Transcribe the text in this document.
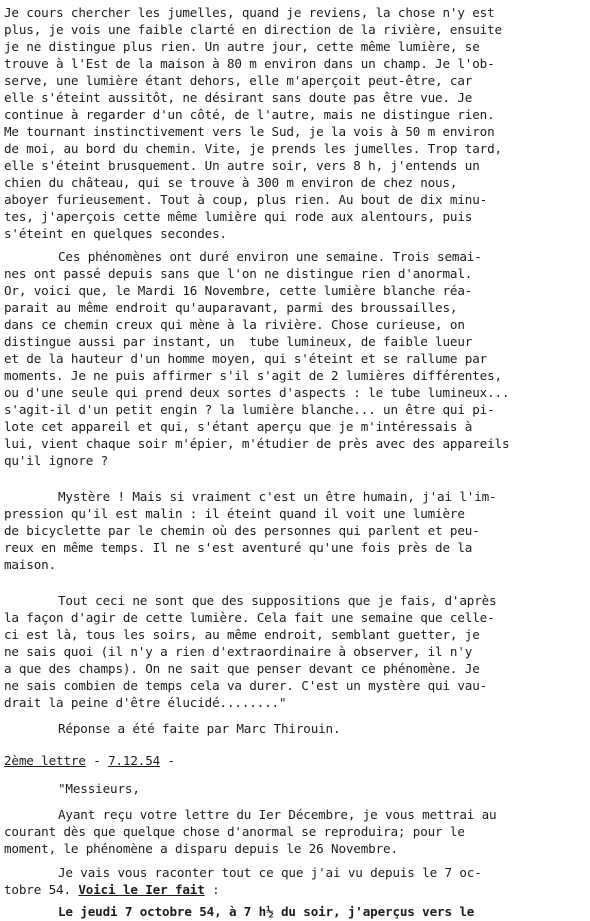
Je cours chercher les jumelles, quand je reviens, la chose n'y est
plus, je vois une faible clarté en direction de la rivière, ensuite
je ne distingue plus rien. Un autre jour, cette même lumière, se
trouve à l'Est de la maison à 80 m environ dans un champ. Je l'ob-
serve, une lumière étant dehors, elle m'aperçoit peut-être, car
elle s'éteint aussitôt, ne désirant sans doute pas être vue. Je
continue à regarder d'un côté, de l'autre, mais ne distingue rien.
Me tournant instinctivement vers le Sud, je la vois à 50 m environ
de moi, au bord du chemin. Vite, je prends les jumelles. Trop tard,
elle s'éteint brusquement. Un autre soir, vers 8 h, j'entends un
chien du château, qui se trouve à 300 m environ de chez nous,
aboyer furieusement. Tout à coup, plus rien. Au bout de dix minu-
tes, j'aperçois cette même lumière qui rode aux alentours, puis
s'éteint en quelques secondes.
Ces phénomènes ont duré environ une semaine. Trois semai-
nes ont passé depuis sans que l'on ne distingue rien d'anormal.
Or, voici que, le Mardi 16 Novembre, cette lumière blanche réa-
parait au même endroit qu'auparavant, parmi des broussailles,
dans ce chemin creux qui mène à la rivière. Chose curieuse, on
distingue aussi par instant, un  tube lumineux, de faible lueur
et de la hauteur d'un homme moyen, qui s'éteint et se rallume par
moments. Je ne puis affirmer s'il s'agit de 2 lumières différentes,
ou d'une seule qui prend deux sortes d'aspects : le tube lumineux...
s'agit-il d'un petit engin ? la lumière blanche... un être qui pi-
lote cet appareil et qui, s'étant aperçu que je m'intéressais à
lui, vient chaque soir m'épier, m'étudier de près avec des appareils
qu'il ignore ?
Mystère ! Mais si vraiment c'est un être humain, j'ai l'im-
pression qu'il est malin : il éteint quand il voit une lumière
de bicyclette par le chemin où des personnes qui parlent et peu-
reux en même temps. Il ne s'est aventuré qu'une fois près de la
maison.
Tout ceci ne sont que des suppositions que je fais, d'après
la façon d'agir de cette lumière. Cela fait une semaine que celle-
ci est là, tous les soirs, au même endroit, semblant guetter, je
ne sais quoi (il n'y a rien d'extraordinaire à observer, il n'y
a que des champs). On ne sait que penser devant ce phénomène. Je
ne sais combien de temps cela va durer. C'est un mystère qui vau-
drait la peine d'être élucidé........"
Réponse a été faite par Marc Thirouin.
2ème lettre - 7.12.54 -
"Messieurs,
Ayant reçu votre lettre du Ier Décembre, je vous mettrai au
courant dès que quelque chose d'anormal se reproduira; pour le
moment, le phénomène a disparu depuis le 26 Novembre.
Je vais vous raconter tout ce que j'ai vu depuis le 7 oc-
tobre 54. Voici le Ier fait :
Le jeudi 7 octobre 54, à 7 h½ du soir, j'aperçus vers le
